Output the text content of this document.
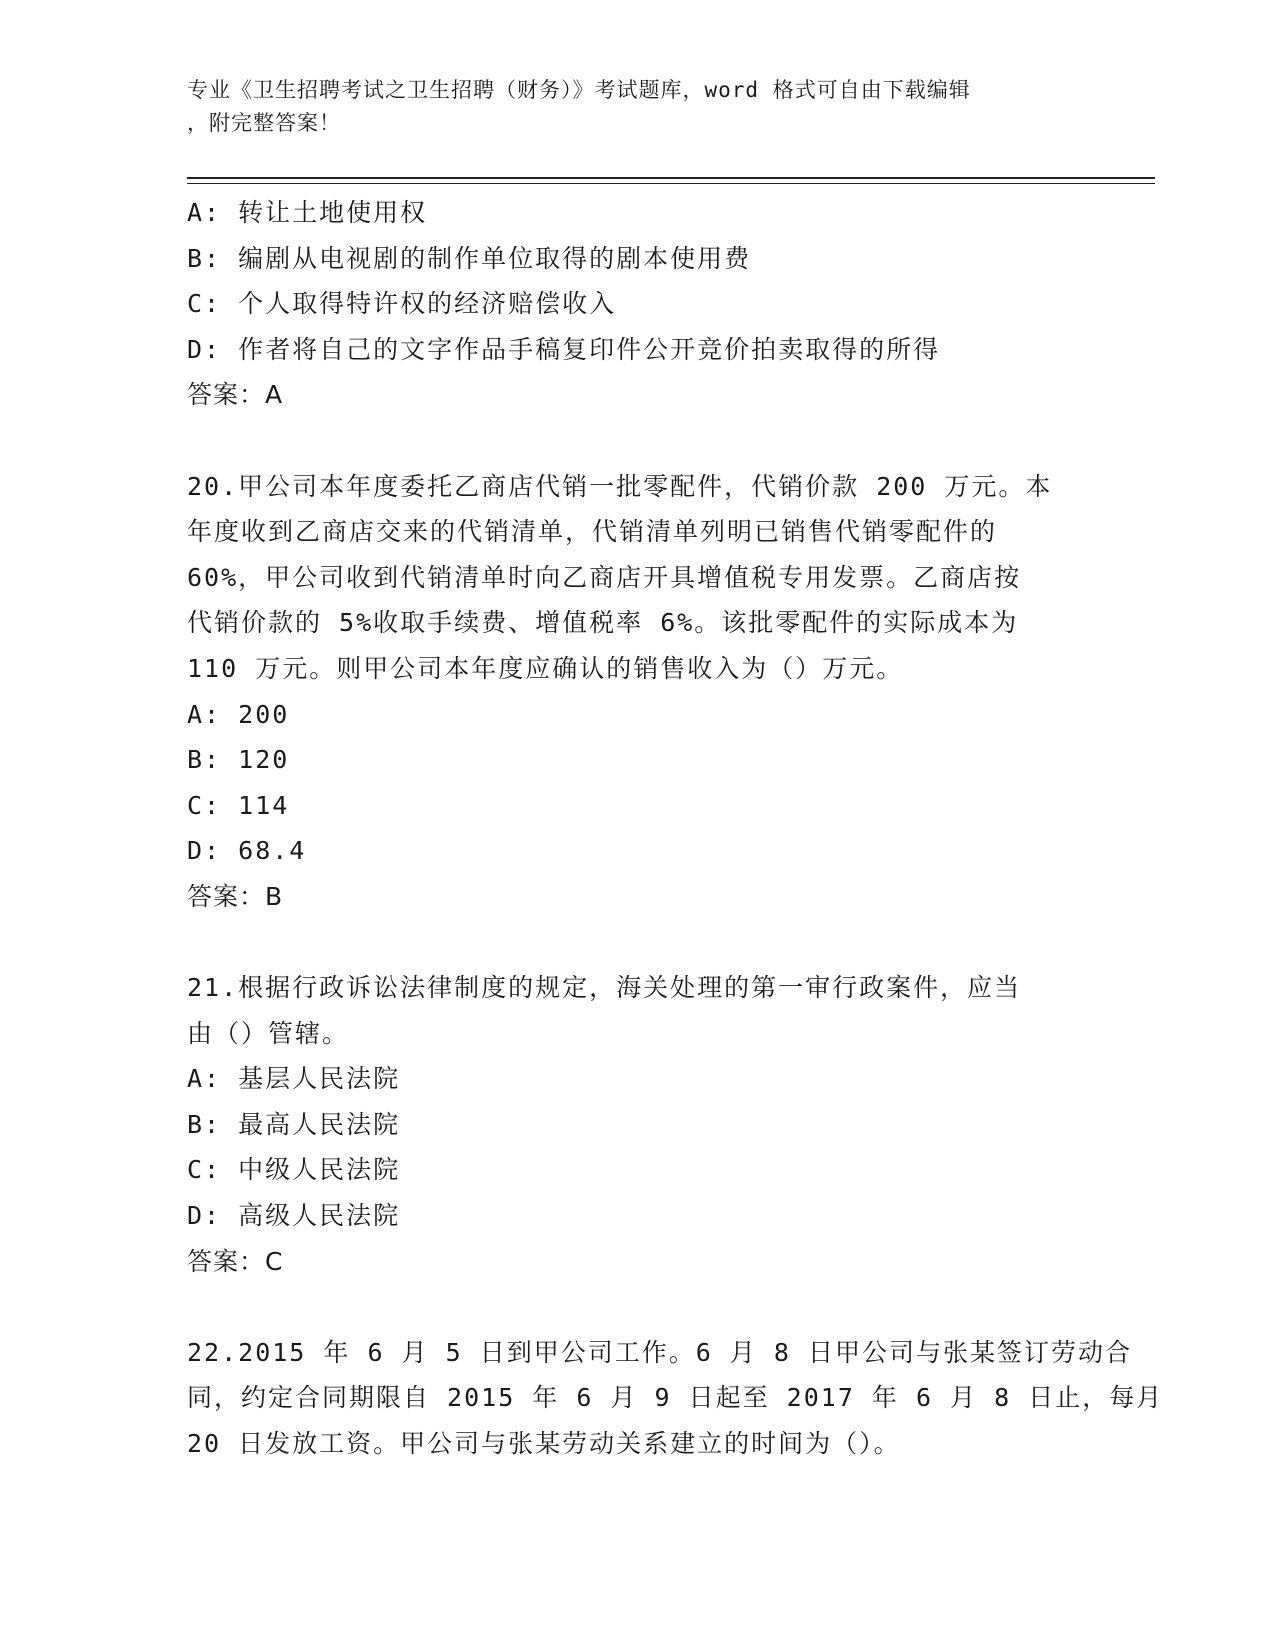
专业《卫生招聘考试之卫生招聘（财务）》考试题库，word 格式可自由下载编辑
，附完整答案！
A: 转让土地使用权
B: 编剧从电视剧的制作单位取得的剧本使用费
C: 个人取得特许权的经济赔偿收入
D: 作者将自己的文字作品手稿复印件公开竞价拍卖取得的所得
答案：A
20.甲公司本年度委托乙商店代销一批零配件，代销价款 200 万元。本
年度收到乙商店交来的代销清单，代销清单列明已销售代销零配件的
60%，甲公司收到代销清单时向乙商店开具增值税专用发票。乙商店按
代销价款的 5%收取手续费、增值税率 6%。该批零配件的实际成本为
110 万元。则甲公司本年度应确认的销售收入为（）万元。
A: 200
B: 120
C: 114
D: 68.4
答案：B
21.根据行政诉讼法律制度的规定，海关处理的第一审行政案件，应当
由（）管辖。
A: 基层人民法院
B: 最高人民法院
C: 中级人民法院
D: 高级人民法院
答案：C
22.2015 年 6 月 5 日到甲公司工作。6 月 8 日甲公司与张某签订劳动合
同，约定合同期限自 2015 年 6 月 9 日起至 2017 年 6 月 8 日止，每月
20 日发放工资。甲公司与张某劳动关系建立的时间为（）。
